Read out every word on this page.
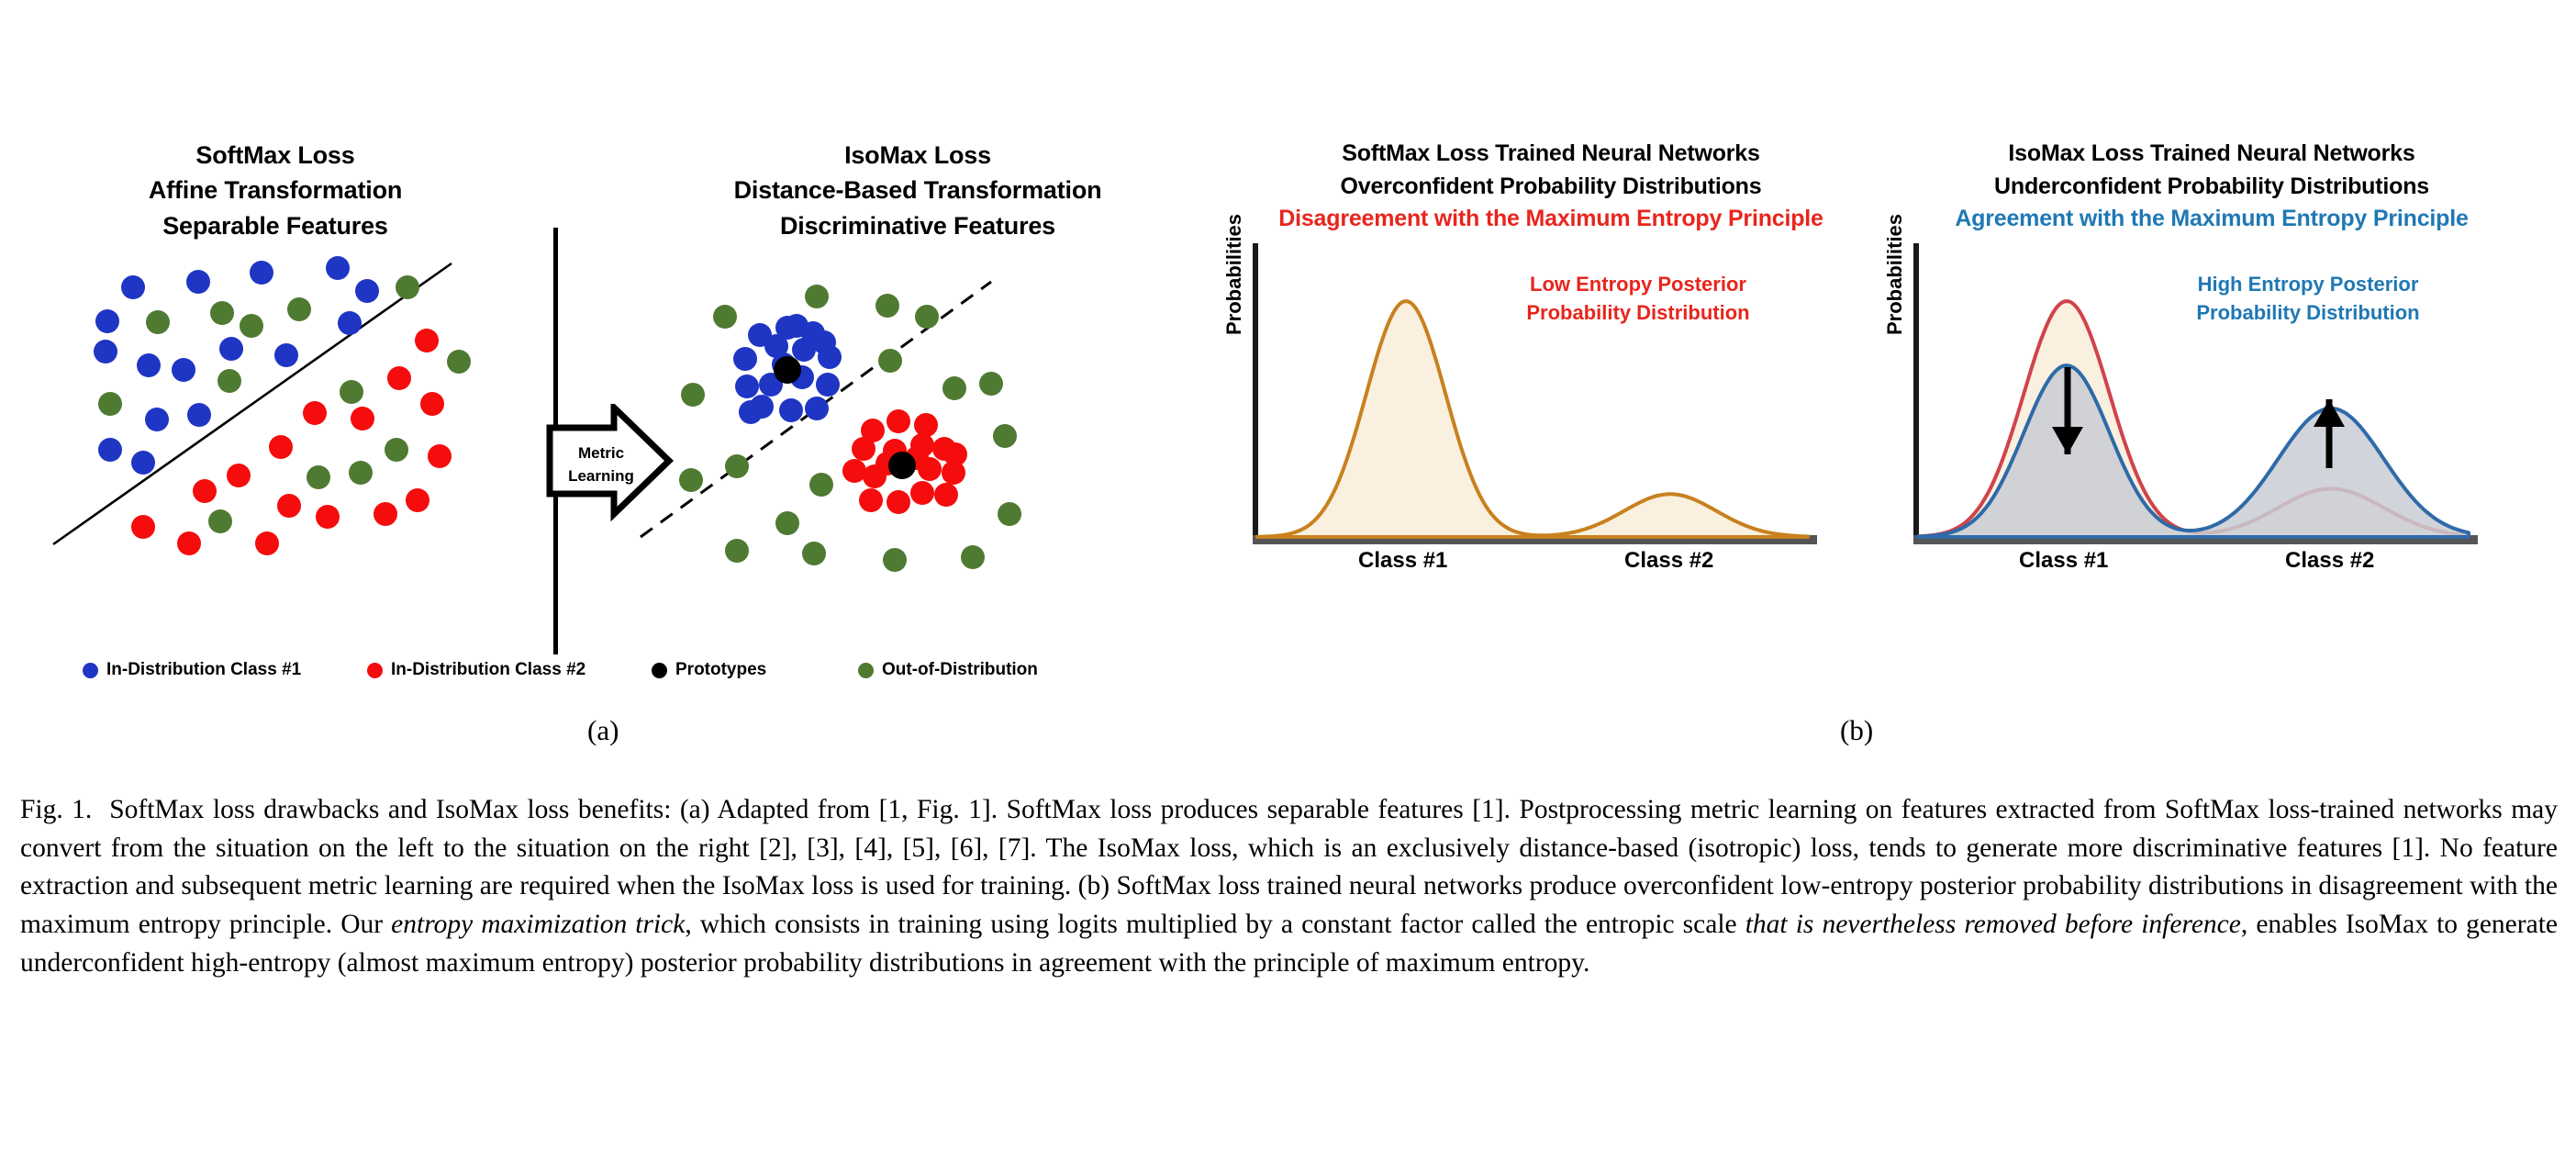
SoftMax Loss
Affine Transformation
Separable Features
IsoMax Loss
Distance-Based Transformation
Discriminative Features
Metric
Learning
In-Distribution Class #1	In-Distribution Class #2	Prototypes	Out-of-Distribution
SoftMax Loss Trained Neural Networks
Overconfident Probability Distributions
Disagreement with the Maximum Entropy Principle
IsoMax Loss Trained Neural Networks
Underconfident Probability Distributions
Agreement with the Maximum Entropy Principle
Probabilities	Low Entropy Posterior
Probability Distribution
Class #1	Class #2
Probabilities	High Entropy Posterior
Probability Distribution
Class #1	Class #2
(a)	(b)
Fig. 1. SoftMax loss drawbacks and IsoMax loss benefits: (a) Adapted from [1, Fig. 1]. SoftMax loss produces separable features [1]. Postprocessing metric learning on features extracted from SoftMax loss-trained networks may convert from the situation on the left to the situation on the right [2], [3], [4], [5], [6], [7]. The IsoMax loss, which is an exclusively distance-based (isotropic) loss, tends to generate more discriminative features [1]. No feature extraction and subsequent metric learning are required when the IsoMax loss is used for training. (b) SoftMax loss trained neural networks produce overconfident low-entropy posterior probability distributions in disagreement with the maximum entropy principle. Our entropy maximization trick, which consists in training using logits multiplied by a constant factor called the entropic scale that is nevertheless removed before inference, enables IsoMax to generate underconfident high-entropy (almost maximum entropy) posterior probability distributions in agreement with the principle of maximum entropy.
